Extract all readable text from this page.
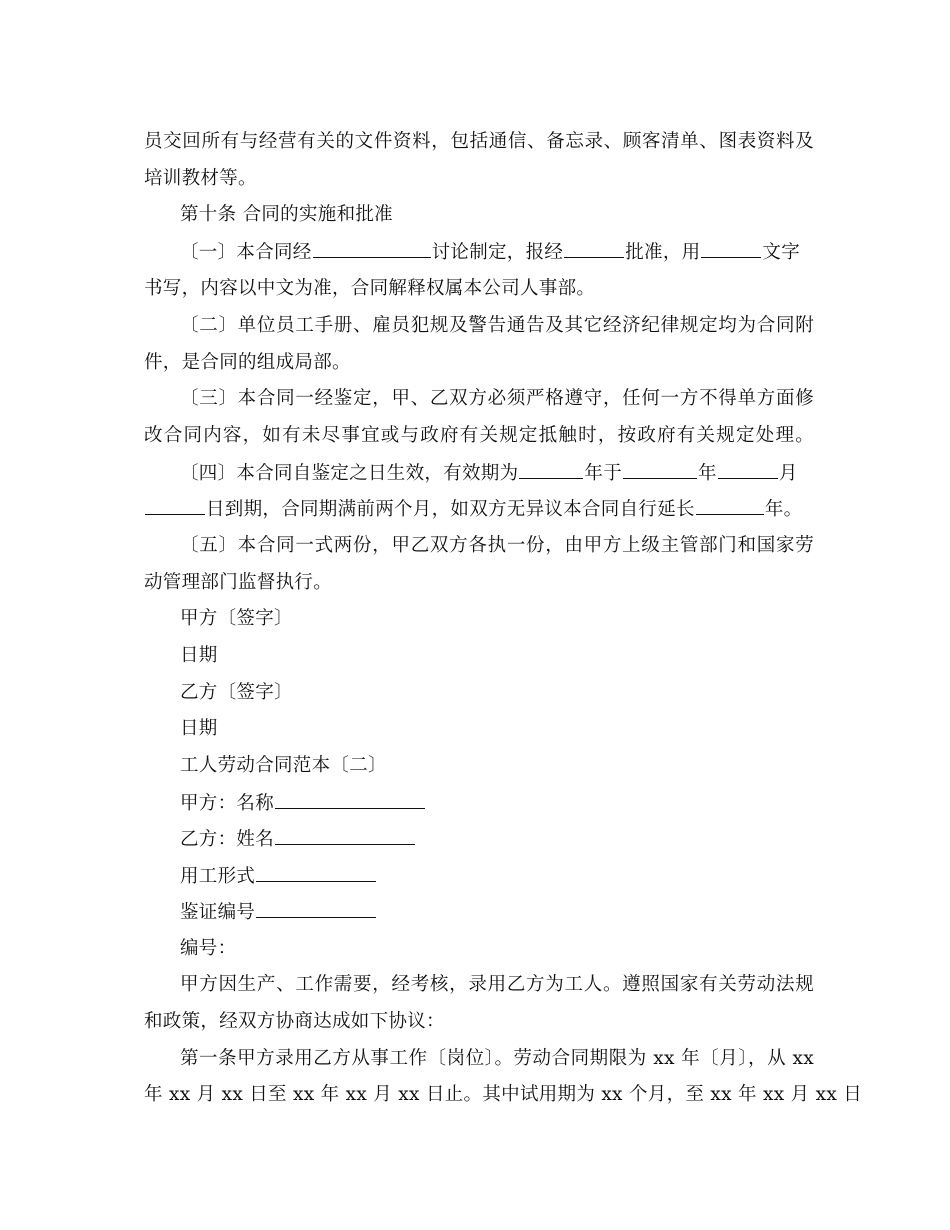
员交回所有与经营有关的文件资料，包括通信、备忘录、顾客清单、图表资料及
培训教材等。
第十条 合同的实施和批准
〔一〕本合同经	讨论制定，报经	批准，用	文字
书写，内容以中文为准，合同解释权属本公司人事部。
〔二〕单位员工手册、雇员犯规及警告通告及其它经济纪律规定均为合同附
件，是合同的组成局部。
〔三〕本合同一经鉴定，甲、乙双方必须严格遵守，任何一方不得单方面修
改合同内容，如有未尽事宜或与政府有关规定抵触时，按政府有关规定处理。
〔四〕本合同自鉴定之日生效，有效期为	年于	年	月
日到期，合同期满前两个月，如双方无异议本合同自行延长	年。
〔五〕本合同一式两份，甲乙双方各执一份，由甲方上级主管部门和国家劳
动管理部门监督执行。
甲方〔签字〕
日期
乙方〔签字〕
日期
工人劳动合同范本〔二〕
甲方：名称
乙方：姓名
用工形式
鉴证编号
编号：
甲方因生产、工作需要，经考核，录用乙方为工人。遵照国家有关劳动法规
和政策，经双方协商达成如下协议：
第一条甲方录用乙方从事工作〔岗位〕。劳动合同期限为 xx 年〔月〕，从 xx
年 xx 月 xx 日至 xx 年 xx 月 xx 日止。其中试用期为 xx 个月，至 xx 年 xx 月 xx 日
